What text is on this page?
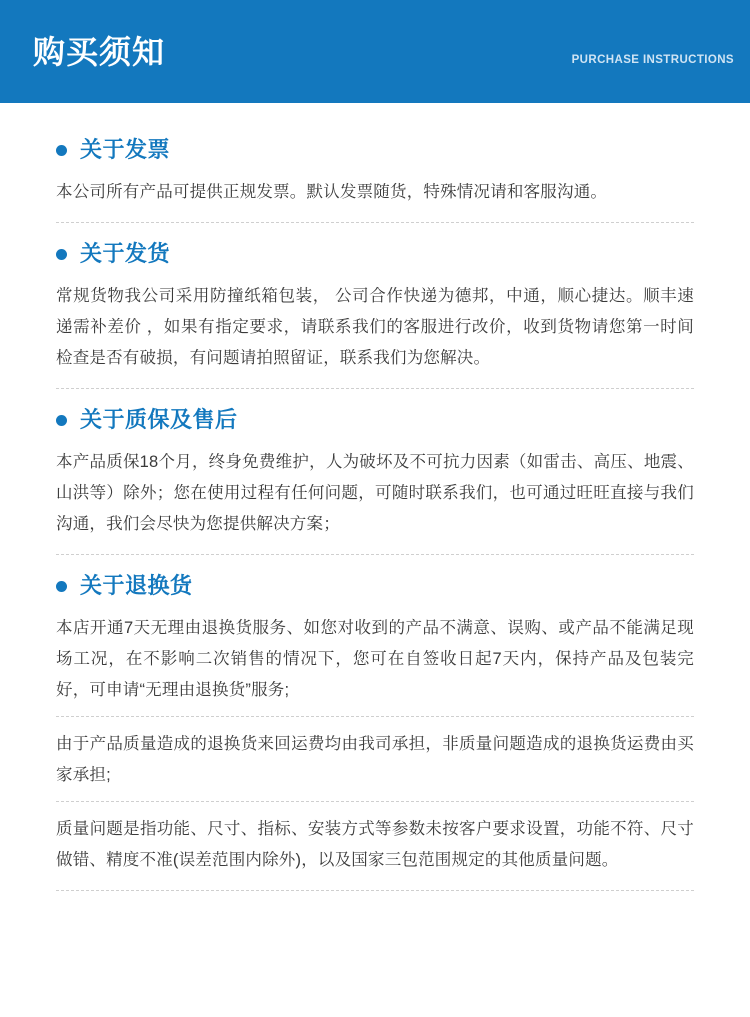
购买须知	PURCHASE INSTRUCTIONS
关于发票

本公司所有产品可提供正规发票。默认发票随货，特殊情况请和客服沟通。

关于发货

常规货物我公司采用防撞纸箱包装， 公司合作快递为德邦，中通，顺心捷达。顺丰速递需补差价 ，如果有指定要求，请联系我们的客服进行改价，收到货物请您第一时间检查是否有破损，有问题请拍照留证，联系我们为您解决。

关于质保及售后

本产品质保18个月，终身免费维护，人为破坏及不可抗力因素（如雷击、高压、地震、山洪等）除外；您在使用过程有任何问题，可随时联系我们，也可通过旺旺直接与我们沟通，我们会尽快为您提供解决方案；

关于退换货

本店开通7天无理由退换货服务、如您对收到的产品不满意、误购、或产品不能满足现场工况，在不影响二次销售的情况下，您可在自签收日起7天内，保持产品及包装完好，可申请“无理由退换货”服务;

由于产品质量造成的退换货来回运费均由我司承担，非质量问题造成的退换货运费由买家承担;

质量问题是指功能、尺寸、指标、安装方式等参数未按客户要求设置，功能不符、尺寸做错、精度不准(误差范围内除外)，以及国家三包范围规定的其他质量问题。
